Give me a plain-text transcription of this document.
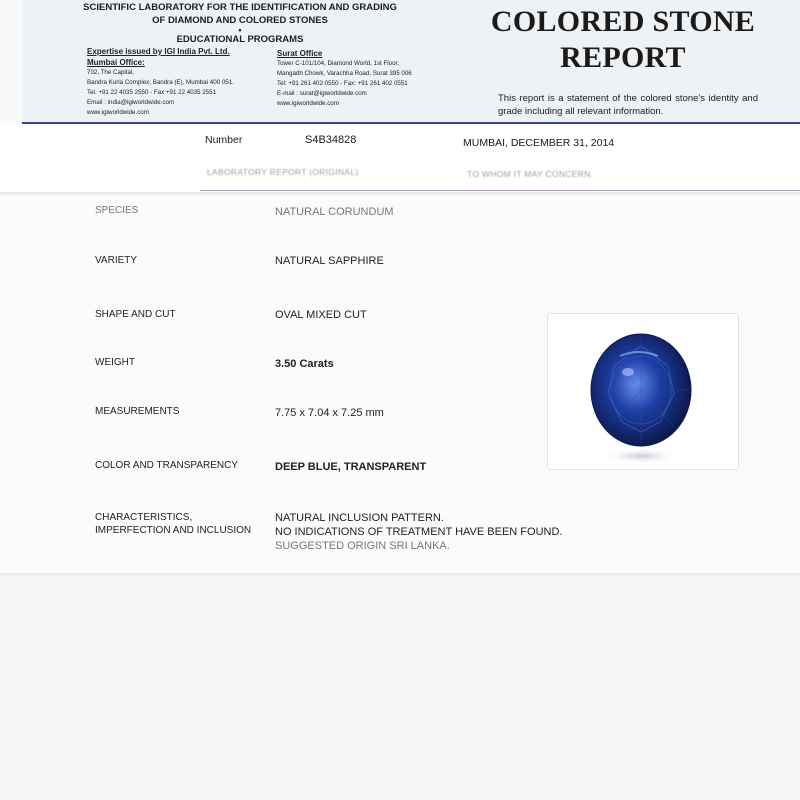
SCIENTIFIC LABORATORY FOR THE IDENTIFICATION AND GRADING
OF DIAMOND AND COLORED STONES
•
EDUCATIONAL PROGRAMS
Expertise issued by IGI India Pvt. Ltd.
Mumbai Office:
702, The Capital,
Bandra Kurla Complex, Bandra (E), Mumbai 400 051.
Tel. +91 22 4035 2550 - Fax +91 22 4035 2551
Email : india@igiworldwide.com
www.igiworldwide.com
Surat Office
Tower C-101/104, Diamond World, 1st Floor,
Mangadh Chowk, Varachha Road, Surat 395 006
Tel: +91 261 402 0550 - Fax: +91 261 402 0551
E-mail : surat@igiworldwide.com
www.igiworldwide.com
COLORED STONE
REPORT
This report is a statement of the colored stone's identity and grade including all relevant information.
Number	S4B34828	MUMBAI, DECEMBER 31, 2014
LABORATORY REPORT (ORIGINAL)	TO WHOM IT MAY CONCERN.
SPECIES	NATURAL CORUNDUM
VARIETY	NATURAL SAPPHIRE
SHAPE AND CUT	OVAL MIXED CUT
WEIGHT	3.50 Carats
MEASUREMENTS	7.75 x 7.04 x 7.25 mm
COLOR AND TRANSPARENCY	DEEP BLUE, TRANSPARENT
CHARACTERISTICS,
IMPERFECTION AND INCLUSION
NATURAL INCLUSION PATTERN.
NO INDICATIONS OF TREATMENT HAVE BEEN FOUND.
SUGGESTED ORIGIN SRI LANKA.
